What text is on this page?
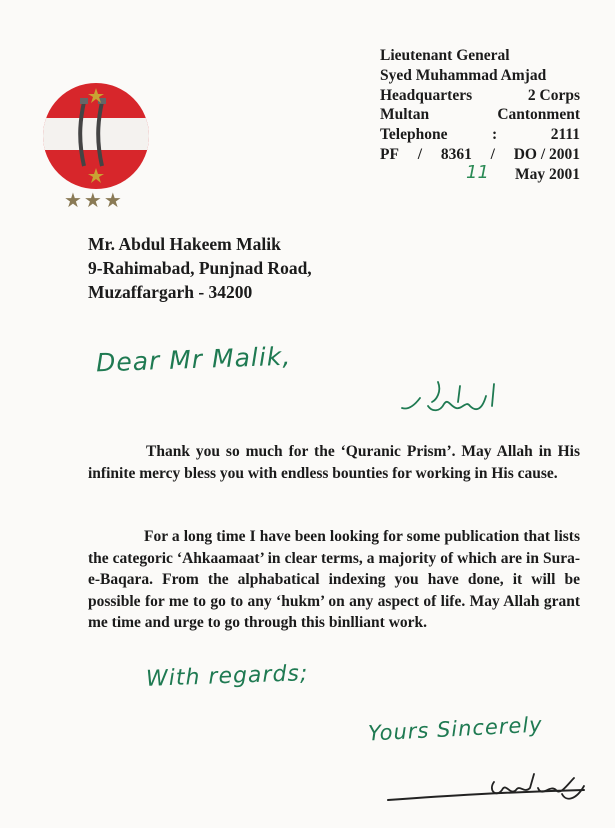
★★★
Lieutenant General
Syed Muhammad Amjad
Headquarters	2 Corps
Multan	Cantonment
Telephone	:	2111
PF / 8361 / DO / 2001
11 May 2001
Mr. Abdul Hakeem Malik
9-Rahimabad, Punjnad Road,
Muzaffargarh - 34200
Dear Mr Malik,
Thank you so much for the ‘Quranic Prism’. May Allah in His infinite mercy bless you with endless bounties for working in His cause.
For a long time I have been looking for some publication that lists the categoric ‘Ahkaamaat’ in clear terms, a majority of which are in Sura-e-Baqara. From the alphabatical indexing you have done, it will be possible for me to go to any ‘hukm’ on any aspect of life. May Allah grant me time and urge to go through this binlliant work.
With regards;
Yours Sincerely
